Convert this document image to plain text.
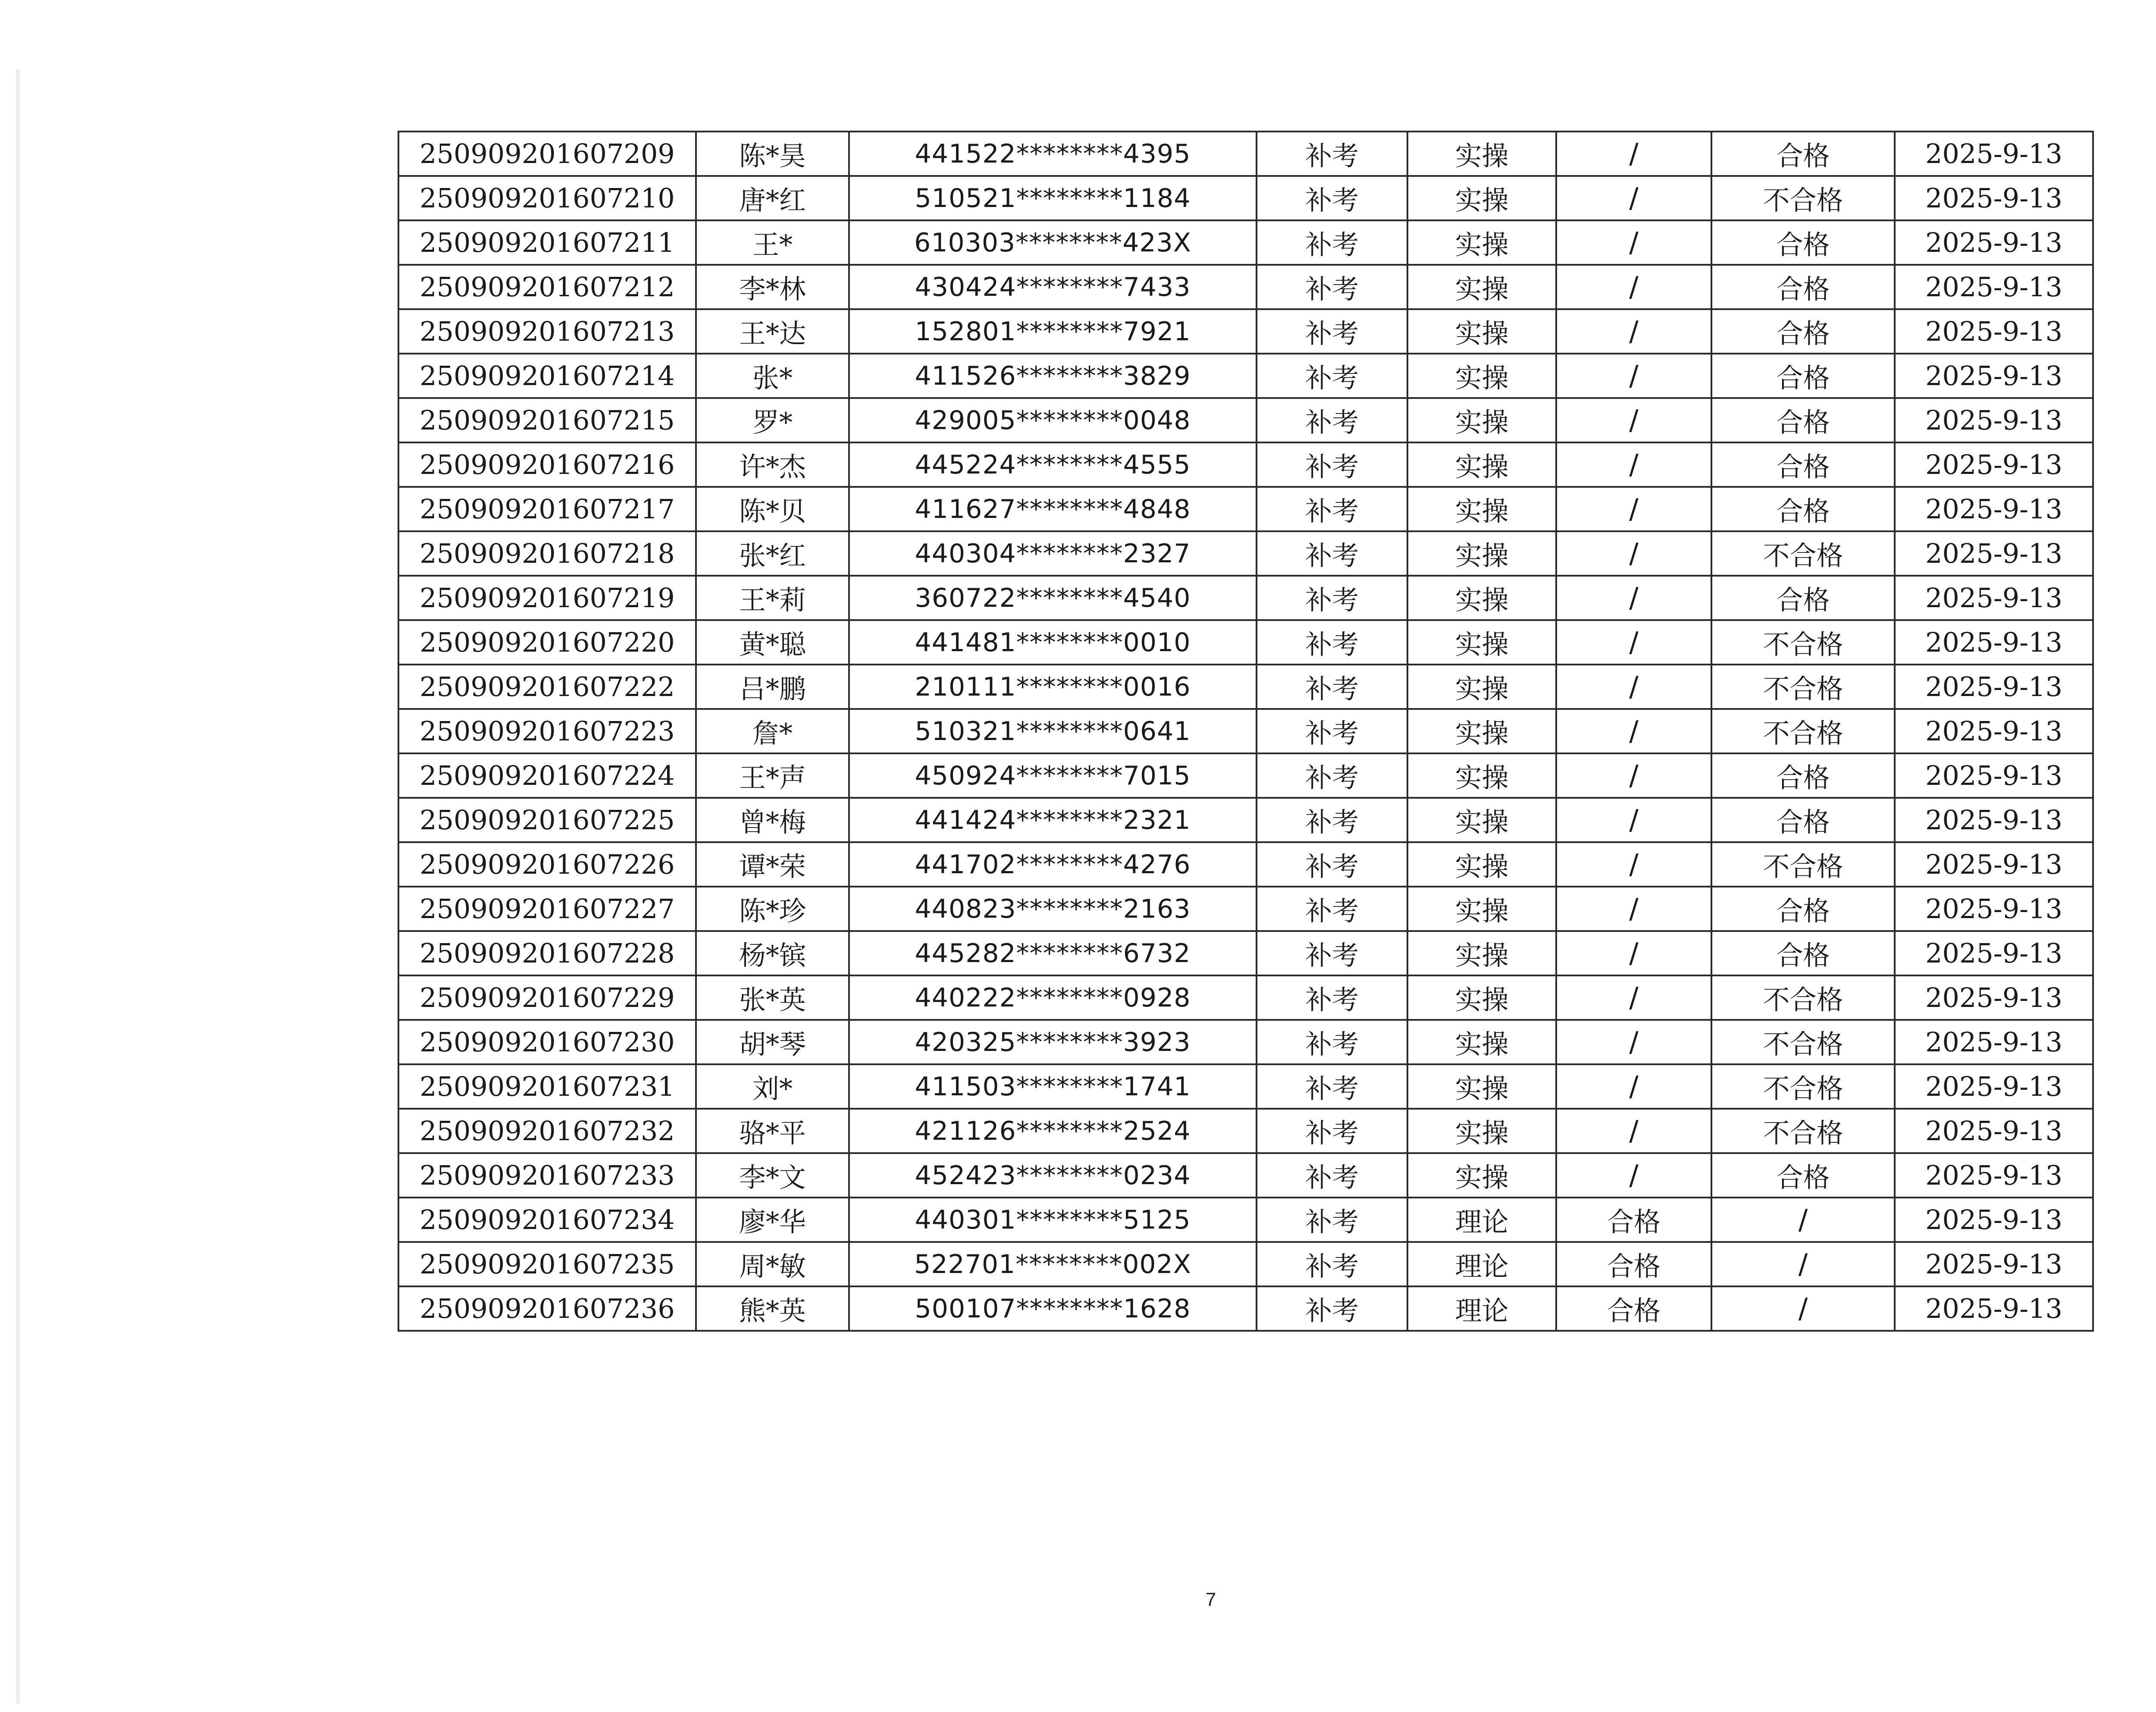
250909201607209	陈*昊	441522********4395	补考	实操	/	合格	2025-9-13
250909201607210	唐*红	510521********1184	补考	实操	/	不合格	2025-9-13
250909201607211	王*	610303********423X	补考	实操	/	合格	2025-9-13
250909201607212	李*林	430424********7433	补考	实操	/	合格	2025-9-13
250909201607213	王*达	152801********7921	补考	实操	/	合格	2025-9-13
250909201607214	张*	411526********3829	补考	实操	/	合格	2025-9-13
250909201607215	罗*	429005********0048	补考	实操	/	合格	2025-9-13
250909201607216	许*杰	445224********4555	补考	实操	/	合格	2025-9-13
250909201607217	陈*贝	411627********4848	补考	实操	/	合格	2025-9-13
250909201607218	张*红	440304********2327	补考	实操	/	不合格	2025-9-13
250909201607219	王*莉	360722********4540	补考	实操	/	合格	2025-9-13
250909201607220	黄*聪	441481********0010	补考	实操	/	不合格	2025-9-13
250909201607222	吕*鹏	210111********0016	补考	实操	/	不合格	2025-9-13
250909201607223	詹*	510321********0641	补考	实操	/	不合格	2025-9-13
250909201607224	王*声	450924********7015	补考	实操	/	合格	2025-9-13
250909201607225	曾*梅	441424********2321	补考	实操	/	合格	2025-9-13
250909201607226	谭*荣	441702********4276	补考	实操	/	不合格	2025-9-13
250909201607227	陈*珍	440823********2163	补考	实操	/	合格	2025-9-13
250909201607228	杨*镔	445282********6732	补考	实操	/	合格	2025-9-13
250909201607229	张*英	440222********0928	补考	实操	/	不合格	2025-9-13
250909201607230	胡*琴	420325********3923	补考	实操	/	不合格	2025-9-13
250909201607231	刘*	411503********1741	补考	实操	/	不合格	2025-9-13
250909201607232	骆*平	421126********2524	补考	实操	/	不合格	2025-9-13
250909201607233	李*文	452423********0234	补考	实操	/	合格	2025-9-13
250909201607234	廖*华	440301********5125	补考	理论	合格	/	2025-9-13
250909201607235	周*敏	522701********002X	补考	理论	合格	/	2025-9-13
250909201607236	熊*英	500107********1628	补考	理论	合格	/	2025-9-13
7
